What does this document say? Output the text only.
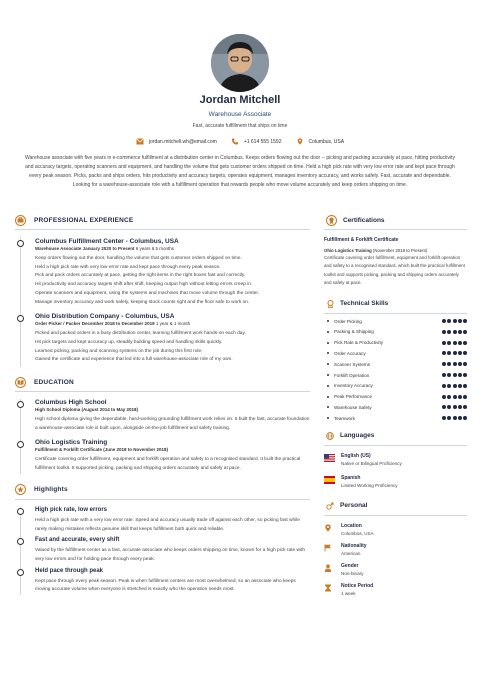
Jordan Mitchell
Warehouse Associate
Fast, accurate fulfillment that ships on time
jordan.mitchell.wh@email.com	+1 614 555 1592	Columbus, USA
Warehouse associate with five years in e-commerce fulfillment at a distribution center in Columbus. Keeps orders flowing out the door -- picking and packing accurately at pace, hitting productivity and accuracy targets, operating scanners and equipment, and handling the volume that gets customer orders shipped on time. Held a high pick rate with very low error rate and kept pace through every peak season. Picks, packs and ships orders, hits productivity and accuracy targets, operates equipment, manages inventory accuracy, and works safely. Fast, accurate and dependable. Looking for a warehouse-associate role with a fulfillment operation that rewards people who move volume accurately and keep orders shipping on time.
PROFESSIONAL EXPERIENCE
Columbus Fulfillment Center - Columbus, USA
Warehouse Associate January 2020 to Present 6 years 6.5 months
Keep orders flowing out the door, handling the volume that gets customer orders shipped on time.
Held a high pick rate with very low error rate and kept pace through every peak season.
Pick and pack orders accurately at pace, getting the right items in the right boxes fast and correctly.
Hit productivity and accuracy targets shift after shift, keeping output high without letting errors creep in.
Operate scanners and equipment, using the systems and machines that move volume through the center.
Manage inventory accuracy and work safely, keeping stock counts right and the floor safe to work on.
Ohio Distribution Company - Columbus, USA
Order Picker / Packer December 2018 to December 2019 1 year & 1 month
Picked and packed orders in a busy distribution center, learning fulfillment work hands-on each day.
Hit pick targets and kept accuracy up, steadily building speed and handling skills quickly.
Learned picking, packing and scanning systems on the job during this first role.
Gained the certificate and experience that led into a full warehouse-associate role of my own.
EDUCATION
Columbus High School
High School Diploma (August 2014 to May 2018)
High school diploma giving the dependable, hard-working grounding fulfillment work relies on. It built the fast, accurate foundation a warehouse-associate role is built upon, alongside on-the-job fulfillment and safety training.
Ohio Logistics Training
Fulfillment & Forklift Certificate (June 2018 to November 2018)
Certificate covering order fulfillment, equipment and forklift operation and safety to a recognised standard. It built the practical fulfillment toolkit. It supported picking, packing and shipping orders accurately and safely at pace.
Highlights
High pick rate, low errors
Held a high pick rate with a very low error rate. Speed and accuracy usually trade off against each other, so picking fast while rarely making mistakes reflects genuine skill that keeps fulfillment both quick and reliable.
Fast and accurate, every shift
Valued by the fulfillment center as a fast, accurate associate who keeps orders shipping on time, known for a high pick rate with very low errors and for holding pace through every peak.
Held pace through peak
Kept pace through every peak season. Peak is when fulfillment centers are most overwhelmed, so an associate who keeps moving accurate volume when everyone is stretched is exactly who the operation needs most.
Certifications
Fulfillment & Forklift Certificate
Ohio Logistics Training (November 2018 to Present)
Certificate covering order fulfillment, equipment and forklift operation and safety to a recognised standard, which built the practical fulfillment toolkit and supports picking, packing and shipping orders accurately and safely at pace.
Technical Skills
Order Picking
Packing & Shipping
Pick Rate & Productivity
Order Accuracy
Scanner Systems
Forklift Operation
Inventory Accuracy
Peak Performance
Warehouse Safety
Teamwork
Languages
English (US)
Native or Bilingual Proficiency
Spanish
Limited Working Proficiency
Personal
Location
Columbus, USA
Nationality
American
Gender
Non-binary
Notice Period
1 week
